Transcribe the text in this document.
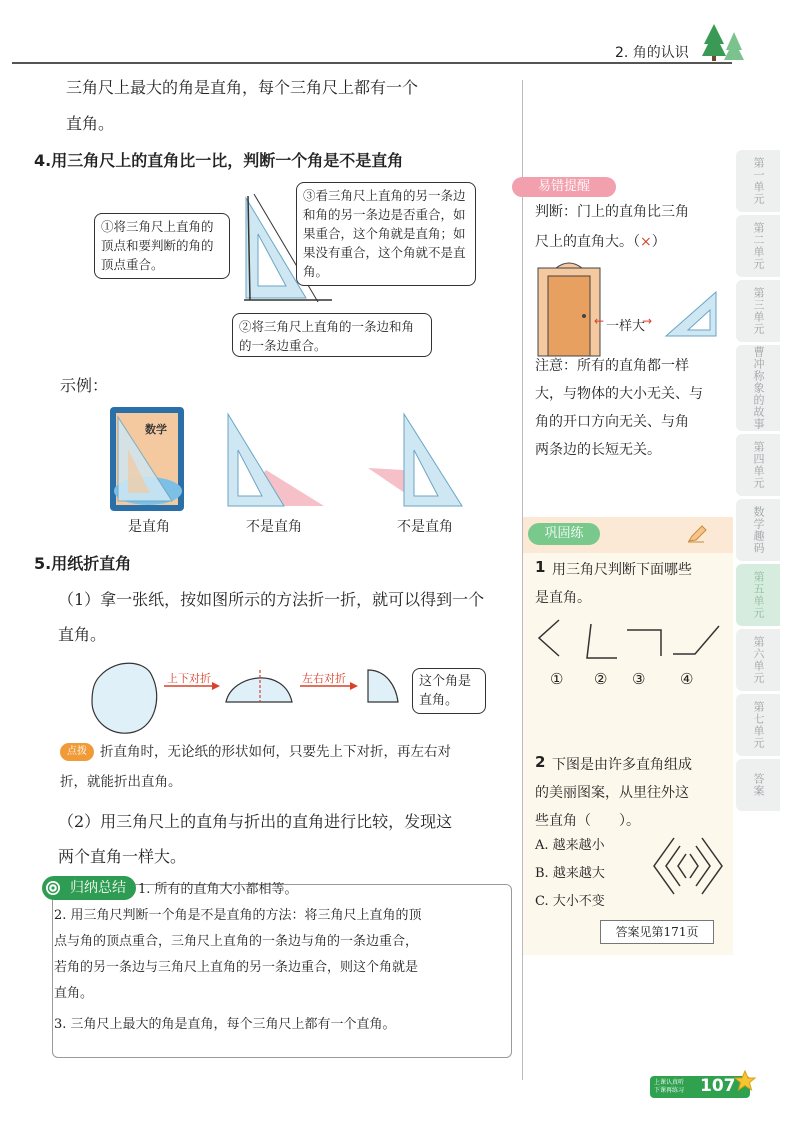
2. 角的认识
三角尺上最大的角是直角，每个三角尺上都有一个
直角。
4.用三角尺上的直角比一比，判断一个角是不是直角
①将三角尺上直角的顶点和要判断的角的顶点重合。
③看三角尺上直角的另一条边和角的另一条边是否重合，如果重合，这个角就是直角；如果没有重合，这个角就不是直角。
②将三角尺上直角的一条边和角的一条边重合。
示例：
数学
是直角	不是直角	不是直角
5.用纸折直角
（1）拿一张纸，按如图所示的方法折一折，就可以得到一个
直角。
上下对折	左右对折	这个角是直角。
点拨 折直角时，无论纸的形状如何，只要先上下对折，再左右对
折，就能折出直角。
（2）用三角尺上的直角与折出的直角进行比较，发现这
两个直角一样大。
归纳总结 1. 所有的直角大小都相等。
2. 用三角尺判断一个角是不是直角的方法：将三角尺上直角的顶
点与角的顶点重合，三角尺上直角的一条边与角的一条边重合，
若角的另一条边与三角尺上直角的另一条边重合，则这个角就是
直角。
3. 三角尺上最大的角是直角，每个三角尺上都有一个直角。
易错提醒
判断：门上的直角比三角
尺上的直角大。（×）
← 一样大
→
注意：所有的直角都一样
大，与物体的大小无关、与
角的开口方向无关、与角
两条边的长短无关。
巩固练
1 用三角尺判断下面哪些
是直角。
① ② ③ ④
2 下图是由许多直角组成
的美丽图案，从里往外这
些直角（　　）。
A. 越来越小
B. 越来越大
C. 大小不变
答案见第171页
第一单元
第二单元
第三单元
曹冲称象的故事
第四单元
数学趣码
第五单元
第六单元
第七单元
答案
上课认真听
下课再练习 107
